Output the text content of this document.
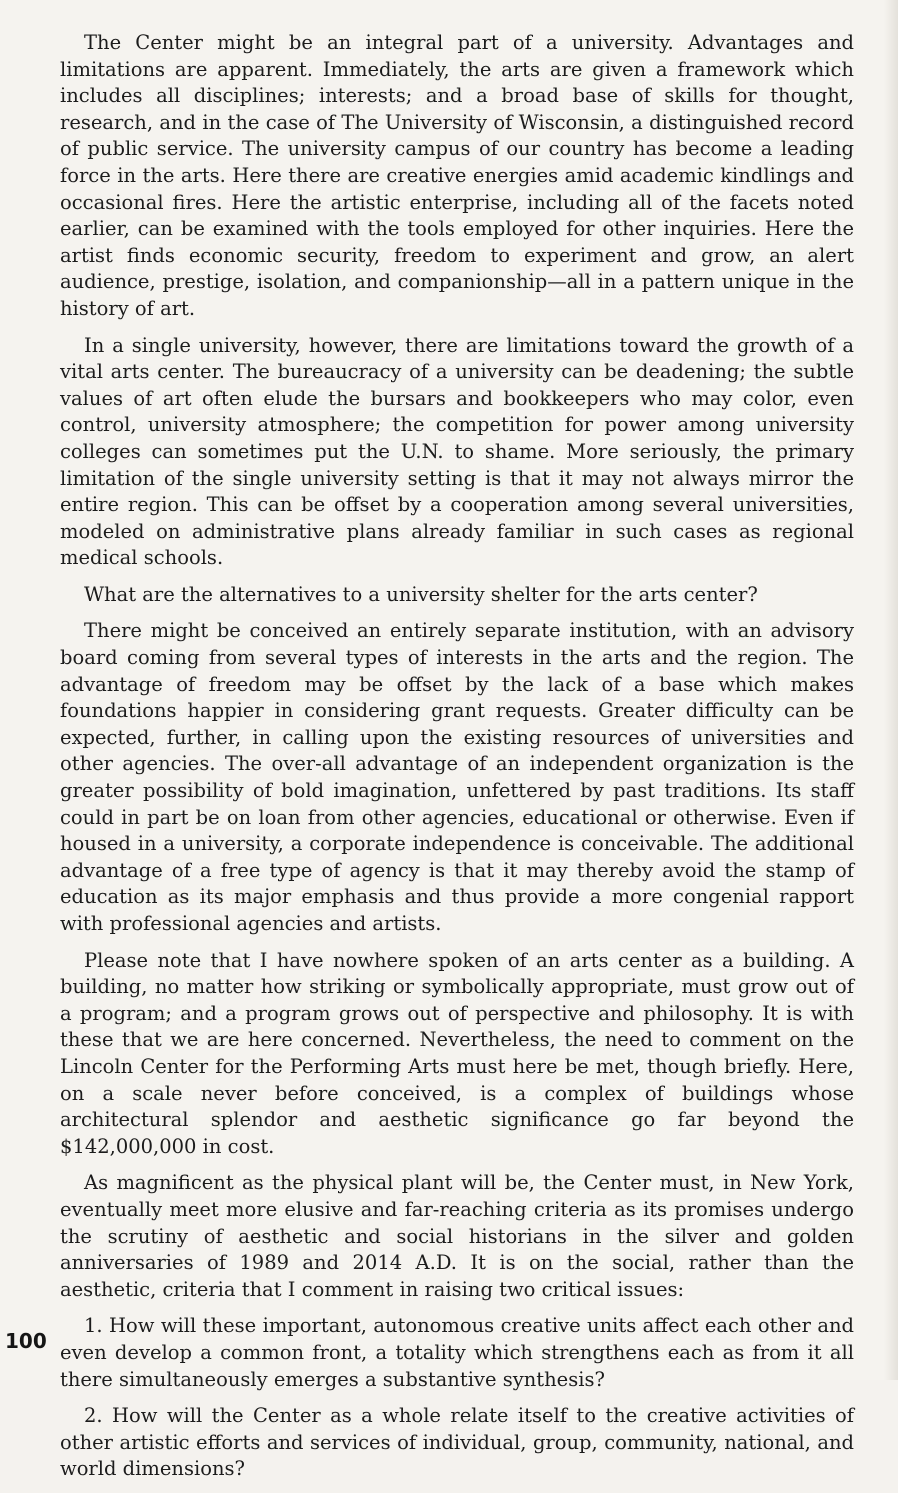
The Center might be an integral part of a university. Advantages and limitations are apparent. Immediately, the arts are given a framework which includes all disciplines; interests; and a broad base of skills for thought, research, and in the case of The University of Wisconsin, a distinguished record of public service. The university campus of our country has become a leading force in the arts. Here there are creative energies amid academic kindlings and occasional fires. Here the artistic enterprise, including all of the facets noted earlier, can be examined with the tools employed for other inquiries. Here the artist finds economic security, freedom to experiment and grow, an alert audience, prestige, isolation, and companionship—all in a pattern unique in the history of art.

In a single university, however, there are limitations toward the growth of a vital arts center. The bureaucracy of a university can be deadening; the subtle values of art often elude the bursars and bookkeepers who may color, even control, university atmosphere; the competition for power among university colleges can sometimes put the U.N. to shame. More seriously, the primary limitation of the single university setting is that it may not always mirror the entire region. This can be offset by a cooperation among several universities, modeled on administrative plans already familiar in such cases as regional medical schools.

What are the alternatives to a university shelter for the arts center?

There might be conceived an entirely separate institution, with an advisory board coming from several types of interests in the arts and the region. The advantage of freedom may be offset by the lack of a base which makes foundations happier in considering grant requests. Greater difficulty can be expected, further, in calling upon the existing resources of universities and other agencies. The over-all advantage of an independent organization is the greater possibility of bold imagination, unfettered by past traditions. Its staff could in part be on loan from other agencies, educational or otherwise. Even if housed in a university, a corporate independence is conceivable. The additional advantage of a free type of agency is that it may thereby avoid the stamp of education as its major emphasis and thus provide a more congenial rapport with professional agencies and artists.

Please note that I have nowhere spoken of an arts center as a building. A building, no matter how striking or symbolically appropriate, must grow out of a program; and a program grows out of perspective and philosophy. It is with these that we are here concerned. Nevertheless, the need to comment on the Lincoln Center for the Performing Arts must here be met, though briefly. Here, on a scale never before conceived, is a complex of buildings whose architectural splendor and aesthetic significance go far beyond the $142,000,000 in cost.

As magnificent as the physical plant will be, the Center must, in New York, eventually meet more elusive and far-reaching criteria as its promises undergo the scrutiny of aesthetic and social historians in the silver and golden anniversaries of 1989 and 2014 A.D. It is on the social, rather than the aesthetic, criteria that I comment in raising two critical issues:

1. How will these important, autonomous creative units affect each other and even develop a common front, a totality which strengthens each as from it all there simultaneously emerges a substantive synthesis?

2. How will the Center as a whole relate itself to the creative activities of other artistic efforts and services of individual, group, community, national, and world dimensions?

100
